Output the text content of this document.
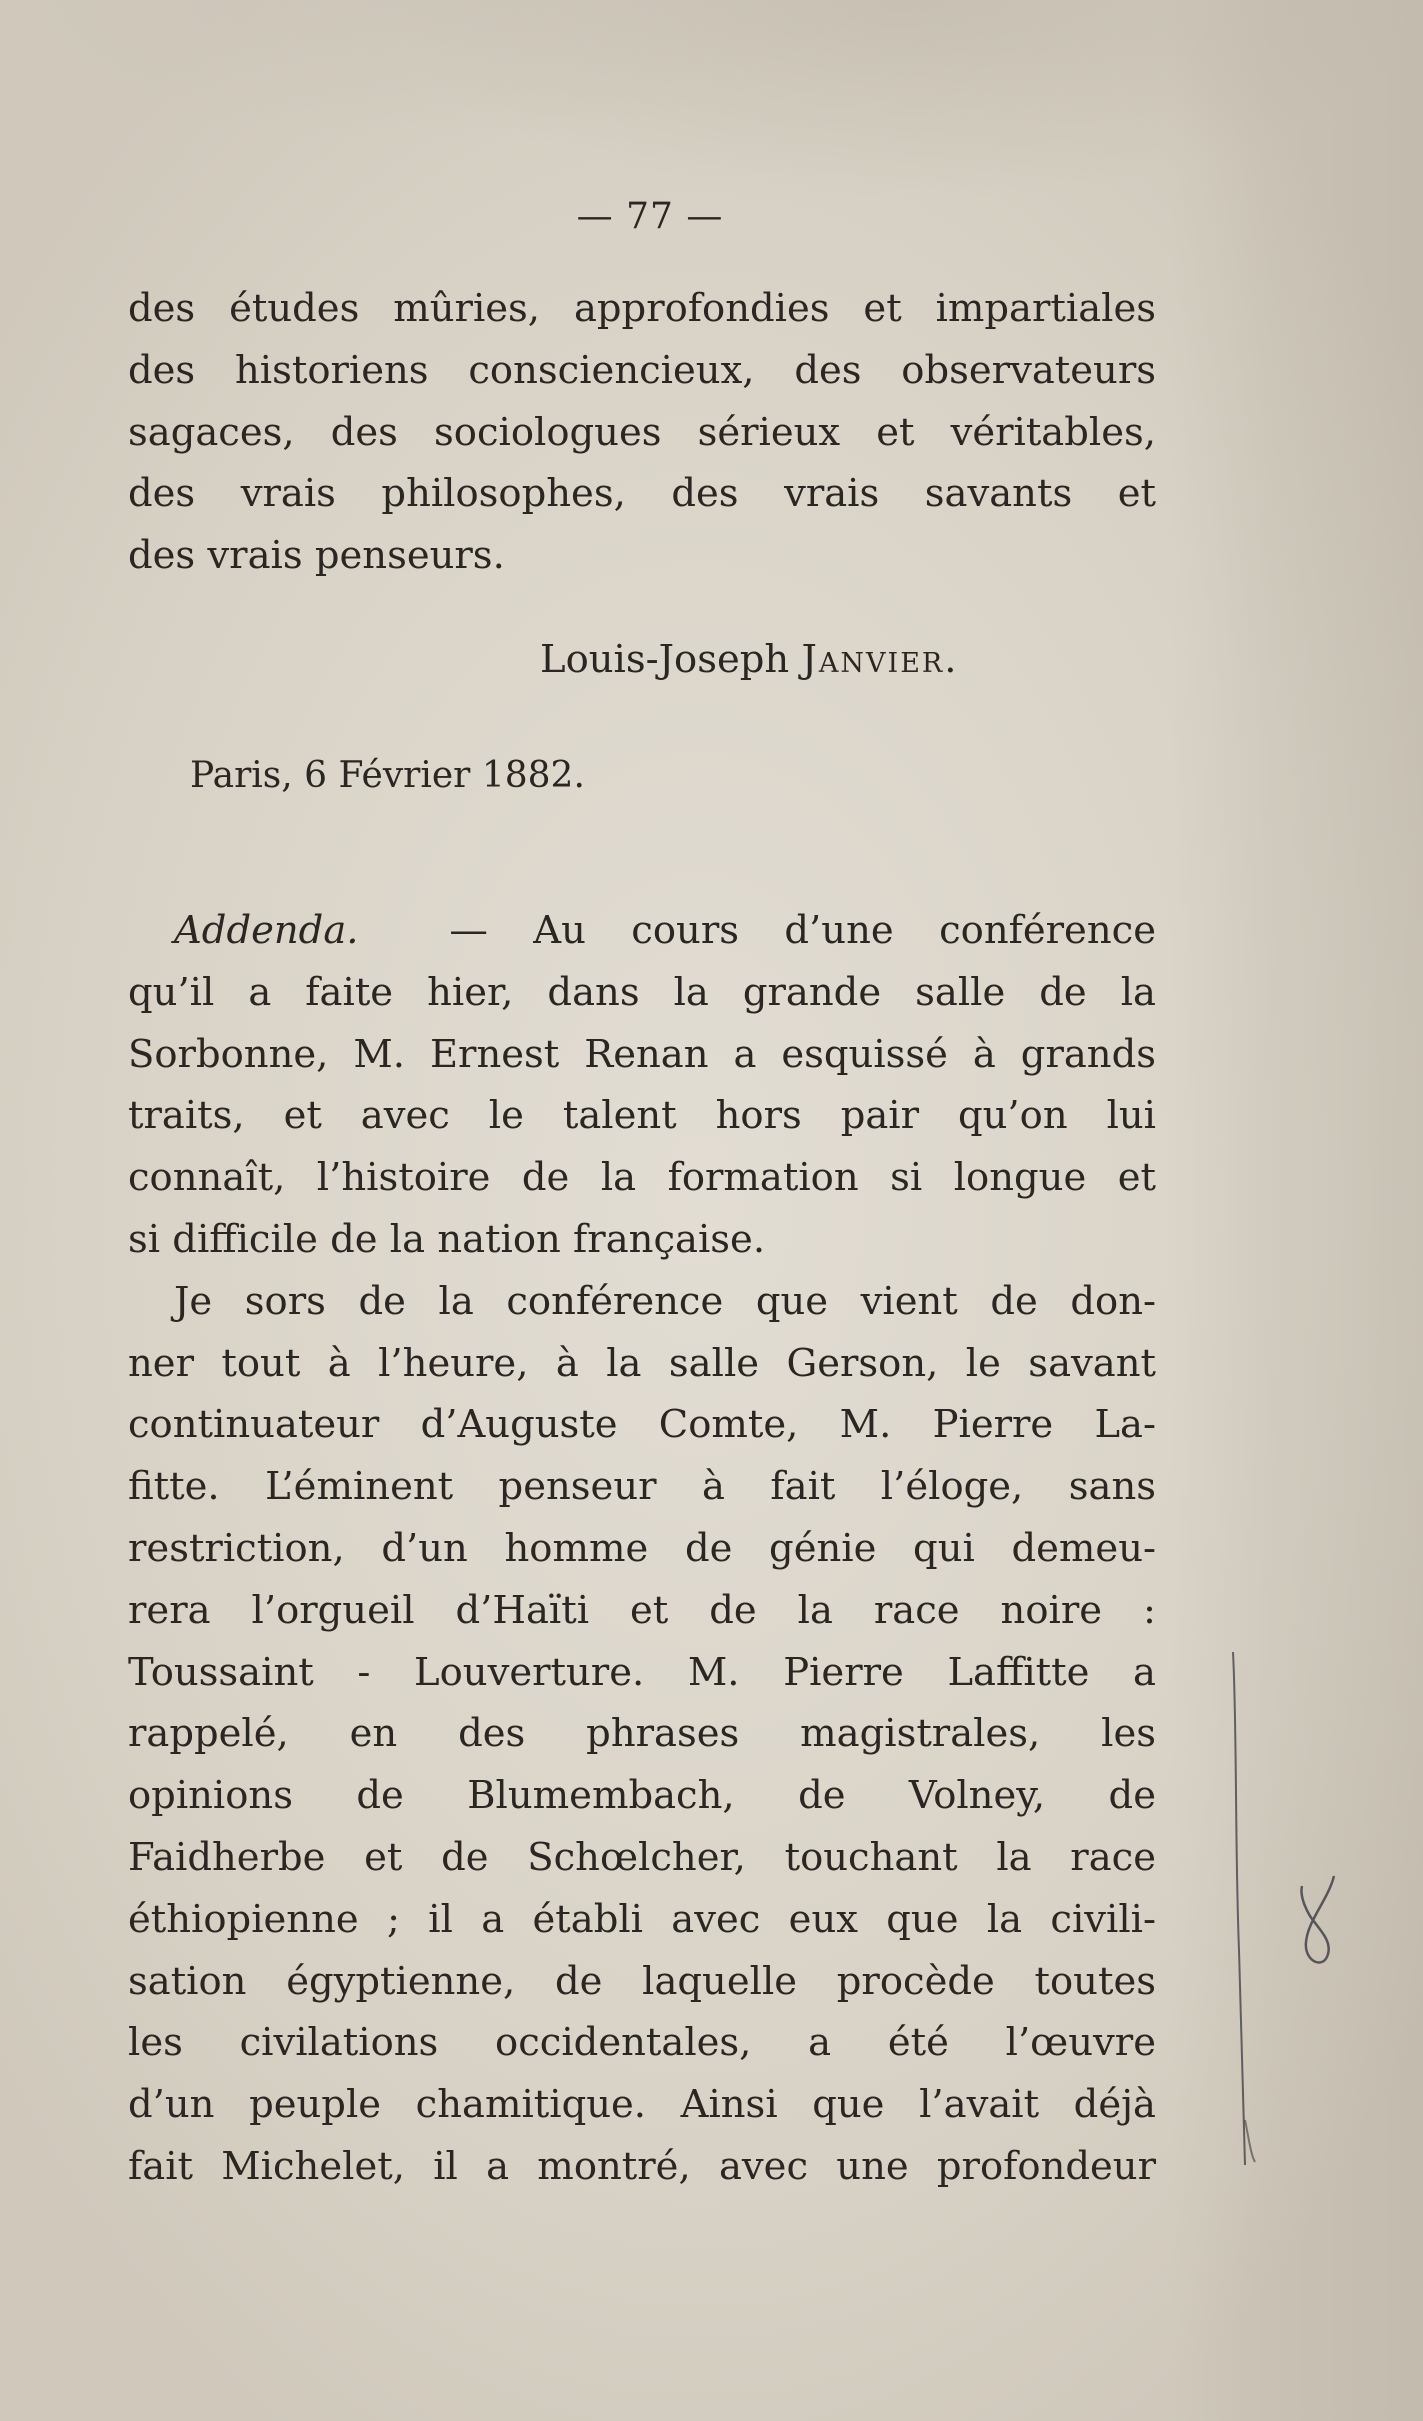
— 77 —
des études mûries, approfondies et impartiales
des historiens consciencieux, des observateurs
sagaces, des sociologues sérieux et véritables,
des vrais philosophes, des vrais savants et
des vrais penseurs.
Louis-Joseph Janvier.
Paris, 6 Février 1882.
Addenda. — Au cours d’une conférence
qu’il a faite hier, dans la grande salle de la
Sorbonne, M. Ernest Renan a esquissé à grands
traits, et avec le talent hors pair qu’on lui
connaît, l’histoire de la formation si longue et
si difficile de la nation française.
Je sors de la conférence que vient de don-
ner tout à l’heure, à la salle Gerson, le savant
continuateur d’Auguste Comte, M. Pierre La-
fitte. L’éminent penseur à fait l’éloge, sans
restriction, d’un homme de génie qui demeu-
rera l’orgueil d’Haïti et de la race noire :
Toussaint - Louverture. M. Pierre Laffitte a
rappelé, en des phrases magistrales, les
opinions de Blumembach, de Volney, de
Faidherbe et de Schœlcher, touchant la race
éthiopienne ; il a établi avec eux que la civili-
sation égyptienne, de laquelle procède toutes
les civilations occidentales, a été l’œuvre
d’un peuple chamitique. Ainsi que l’avait déjà
fait Michelet, il a montré, avec une profondeur
